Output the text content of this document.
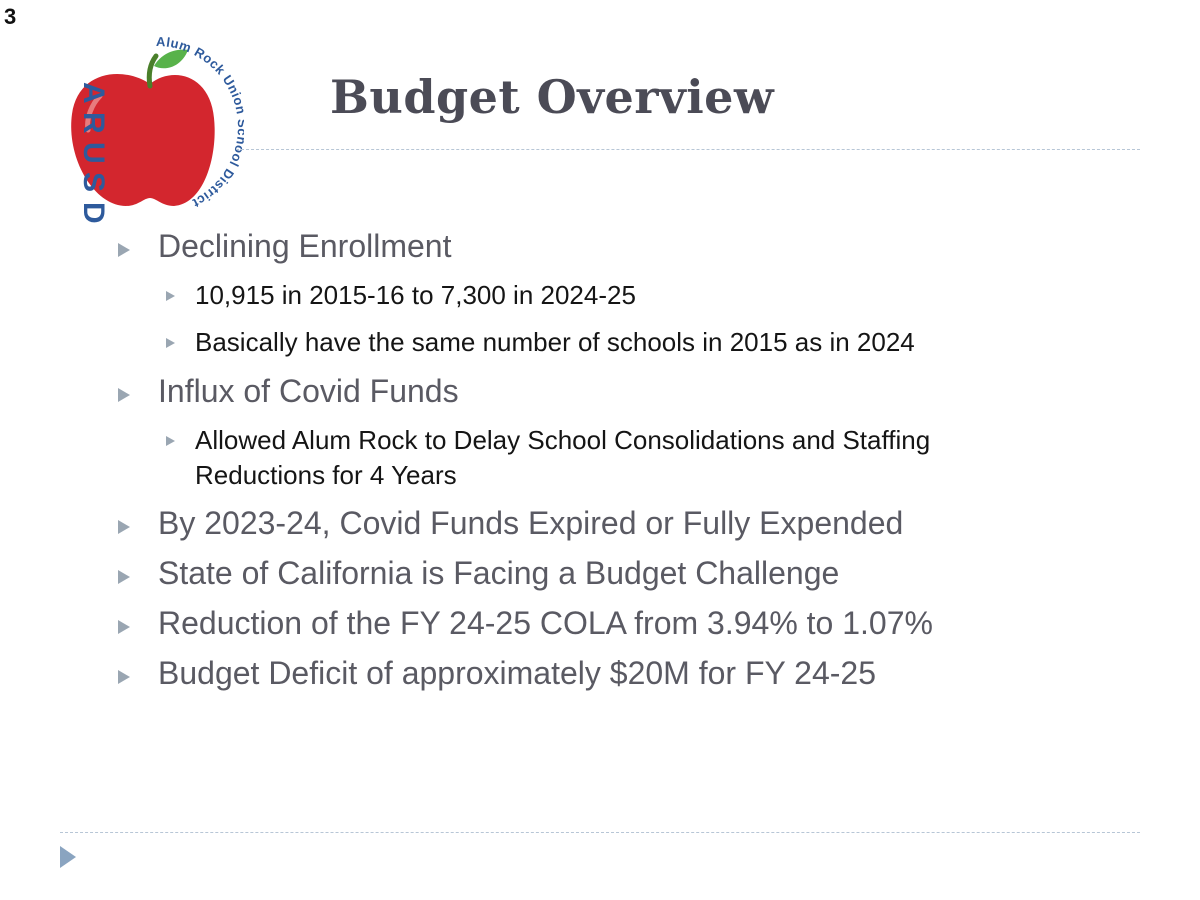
3
A
R
U
S
D
Alum Rock Uni ol District
Budget Overview
Declining Enrollment
10,915 in 2015-16 to 7,300 in 2024-25
Basically have the same number of schools in 2015 as in 2024
Influx of Covid Funds
Allowed Alum Rock to Delay School Consolidations and Staffing Reductions for 4 Years
By 2023-24, Covid Funds Expired or Fully Expended
State of California is Facing a Budget Challenge
Reduction of the FY 24-25 COLA from 3.94% to 1.07%
Budget Deficit of approximately $20M for FY 24-25
